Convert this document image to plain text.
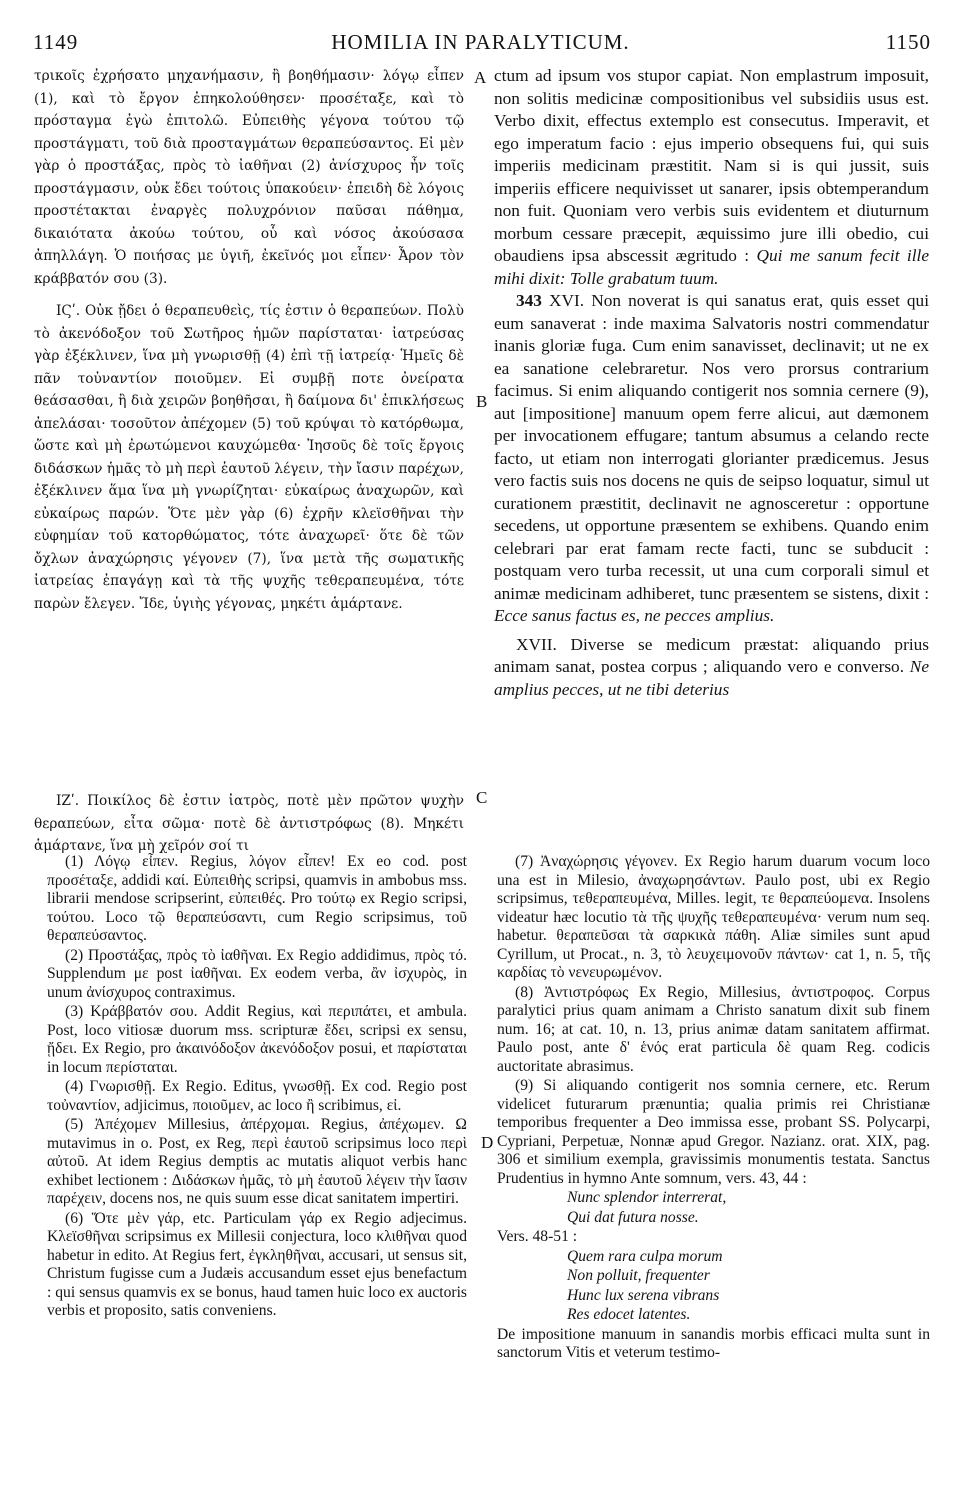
1149	HOMILIA IN PARALYTICUM.	1150

τρικοῖς ἐχρήσατο μηχανήμασιν, ἢ βοηθήμασιν· λόγῳ εἶπεν (1), καὶ τὸ ἔργον ἐπηκολούθησεν· προσέταξε, καὶ τὸ πρόσταγμα ἐγὼ ἐπιτολῶ. Εὐπειθὴς γέγονα τούτου τῷ προστάγματι, τοῦ διὰ προσταγμάτων θεραπεύσαντος. Εἰ μὲν γὰρ ὁ προστάξας, πρὸς τὸ ἰαθῆναι (2) ἀνίσχυρος ἦν τοῖς προστάγμασιν, οὐκ ἔδει τούτοις ὑπακούειν· ἐπειδὴ δὲ λόγοις προστέτακται ἐναργὲς πολυχρόνιον παῦσαι πάθημα, δικαιότατα ἀκούω τούτου, οὗ καὶ νόσος ἀκούσασα ἀπηλλάγη. Ὁ ποιήσας με ὑγιῆ, ἐκεῖνός μοι εἶπεν· Ἆρον τὸν κράββατόν σου (3).

ΙϚʹ. Οὐκ ᾔδει ὁ θεραπευθεὶς, τίς ἐστιν ὁ θεραπεύων. Πολὺ τὸ ἀκενόδοξον τοῦ Σωτῆρος ἡμῶν παρίσταται· ἰατρεύσας γὰρ ἐξέκλινεν, ἵνα μὴ γνωρισθῇ (4) ἐπὶ τῇ ἰατρείᾳ· Ἡμεῖς δὲ πᾶν τοὐναντίον ποιοῦμεν. Εἰ συμβῇ ποτε ὀνείρατα θεάσασθαι, ἢ διὰ χειρῶν βοηθῆσαι, ἢ δαίμονα δι' ἐπικλήσεως ἀπελάσαι· τοσοῦτον ἀπέχομεν (5) τοῦ κρύψαι τὸ κατόρθωμα, ὥστε καὶ μὴ ἐρωτώμενοι καυχώμεθα· Ἰησοῦς δὲ τοῖς ἔργοις διδάσκων ἡμᾶς τὸ μὴ περὶ ἑαυτοῦ λέγειν, τὴν ἴασιν παρέχων, ἐξέκλινεν ἅμα ἵνα μὴ γνωρίζηται· εὐκαίρως ἀναχωρῶν, καὶ εὐκαίρως παρών. Ὅτε μὲν γὰρ (6) ἐχρῆν κλεϊσθῆναι τὴν εὐφημίαν τοῦ κατορθώματος, τότε ἀναχωρεῖ· ὅτε δὲ τῶν ὄχλων ἀναχώρησις γέγονεν (7), ἵνα μετὰ τῆς σωματικῆς ἰατρείας ἐπαγάγῃ καὶ τὰ τῆς ψυχῆς τεθεραπευμένα, τότε παρὼν ἔλεγεν. Ἴδε, ὑγιὴς γέγονας, μηκέτι ἁμάρτανε.

ΙΖʹ. Ποικίλος δὲ ἐστιν ἰατρὸς, ποτὲ μὲν πρῶτον ψυχὴν θεραπεύων, εἶτα σῶμα· ποτὲ δὲ ἀντιστρόφως (8). Μηκέτι ἁμάρτανε, ἵνα μὴ χεῖρόν σοί τι

A
B
C
D

ctum ad ipsum vos stupor capiat. Non emplastrum imposuit, non solitis medicinæ compositionibus vel subsidiis usus est. Verbo dixit, effectus extemplo est consecutus. Imperavit, et ego imperatum facio : ejus imperio obsequens fui, qui suis imperiis medicinam præstitit. Nam si is qui jussit, suis imperiis efficere nequivisset ut sanarer, ipsis obtemperandum non fuit. Quoniam vero verbis suis evidentem et diuturnum morbum cessare præcepit, æquissimo jure illi obedio, cui obaudiens ipsa abscessit ægritudo : Qui me sanum fecit ille mihi dixit: Tolle grabatum tuum.

343 XVI. Non noverat is qui sanatus erat, quis esset qui eum sanaverat : inde maxima Salvatoris nostri commendatur inanis gloriæ fuga. Cum enim sanavisset, declinavit; ut ne ex ea sanatione celebraretur. Nos vero prorsus contrarium facimus. Si enim aliquando contigerit nos somnia cernere (9), aut [impositione] manuum opem ferre alicui, aut dæmonem per invocationem effugare; tantum absumus a celando recte facto, ut etiam non interrogati glorianter prædicemus. Jesus vero factis suis nos docens ne quis de seipso loquatur, simul ut curationem præstitit, declinavit ne agnosceretur : opportune secedens, ut opportune præsentem se exhibens. Quando enim celebrari par erat famam recte facti, tunc se subducit : postquam vero turba recessit, ut una cum corporali simul et animæ medicinam adhiberet, tunc præsentem se sistens, dixit : Ecce sanus factus es, ne pecces amplius.

XVII. Diverse se medicum præstat: aliquando prius animam sanat, postea corpus ; aliquando vero e converso. Ne amplius pecces, ut ne tibi deterius

(1) Λόγῳ εἶπεν. Regius, λόγον εἶπεν! Ex eo cod. post προσέταξε, addidi καί. Εὐπειθὴς scripsi, quamvis in ambobus mss. librarii mendose scripserint, εὐπειθές. Pro τούτῳ ex Regio scripsi, τούτου. Loco τῷ θεραπεύσαντι, cum Regio scripsimus, τοῦ θεραπεύσαντος.

(2) Προστάξας, πρὸς τὸ ἰαθῆναι. Ex Regio addidimus, πρὸς τό. Supplendum με post ἰαθῆναι. Ex eodem verba, ἂν ἰσχυρὸς, in unum ἀνίσχυρος contraximus.

(3) Κράββατόν σου. Addit Regius, καὶ περιπάτει, et ambula. Post, loco vitiosæ duorum mss. scripturæ ἔδει, scripsi ex sensu, ᾔδει. Ex Regio, pro ἀκαινόδοξον ἀκενόδοξον posui, et παρίσταται in locum περίσταται.

(4) Γνωρισθῇ. Ex Regio. Editus, γνωσθῇ. Ex cod. Regio post τοὐναντίον, adjicimus, ποιοῦμεν, ac loco ἢ scribimus, εἰ.

(5) Ἀπέχομεν Millesius, ἀπέρχομαι. Regius, ἀπέχωμεν. Ω mutavimus in ο. Post, ex Reg, περὶ ἑαυτοῦ scripsimus loco περὶ αὐτοῦ. At idem Regius demptis ac mutatis aliquot verbis hanc exhibet lectionem : Διδάσκων ἡμᾶς, τὸ μὴ ἑαυτοῦ λέγειν τὴν ἴασιν παρέχειν, docens nos, ne quis suum esse dicat sanitatem impertiri.

(6) Ὅτε μὲν γάρ, etc. Particulam γάρ ex Regio adjecimus. Κλεϊσθῆναι scripsimus ex Millesii conjectura, loco κλιθῆναι quod habetur in edito. At Regius fert, ἐγκληθῆναι, accusari, ut sensus sit, Christum fugisse cum a Judæis accusandum esset ejus benefactum : qui sensus quamvis ex se bonus, haud tamen huic loco ex auctoris verbis et proposito, satis conveniens.

(7) Ἀναχώρησις γέγονεν. Ex Regio harum duarum vocum loco una est in Milesio, ἀναχωρησάντων. Paulo post, ubi ex Regio scripsimus, τεθεραπευμένα, Milles. legit, τε θεραπεύομενα. Insolens videatur hæc locutio τὰ τῆς ψυχῆς τεθεραπευμένα· verum num seq. habetur. θεραπεῦσαι τὰ σαρκικὰ πάθη. Aliæ similes sunt apud Cyrillum, ut Procat., n. 3, τὸ λευχειμονοῦν πάντων· cat 1, n. 5, τῆς καρδίας τὸ νενευρωμένον.

(8) Ἀντιστρόφως Ex Regio, Millesius, ἀντιστροφος. Corpus paralytici prius quam animam a Christo sanatum dixit sub finem num. 16; at cat. 10, n. 13, prius animæ datam sanitatem affirmat. Paulo post, ante δ' ἑνός erat particula δὲ quam Reg. codicis auctoritate abrasimus.

(9) Si aliquando contigerit nos somnia cernere, etc. Rerum videlicet futurarum prænuntia; qualia primis rei Christianæ temporibus frequenter a Deo immissa esse, probant SS. Polycarpi, Cypriani, Perpetuæ, Nonnæ apud Gregor. Nazianz. orat. XIX, pag. 306 et similium exempla, gravissimis monumentis testata. Sanctus Prudentius in hymno Ante somnum, vers. 43, 44 :

Nunc splendor interrerat,

Qui dat futura nosse.

Vers. 48-51 :

Quem rara culpa morum

Non polluit, frequenter

Hunc lux serena vibrans

Res edocet latentes.

De impositione manuum in sanandis morbis efficaci multa sunt in sanctorum Vitis et veterum testimo-
